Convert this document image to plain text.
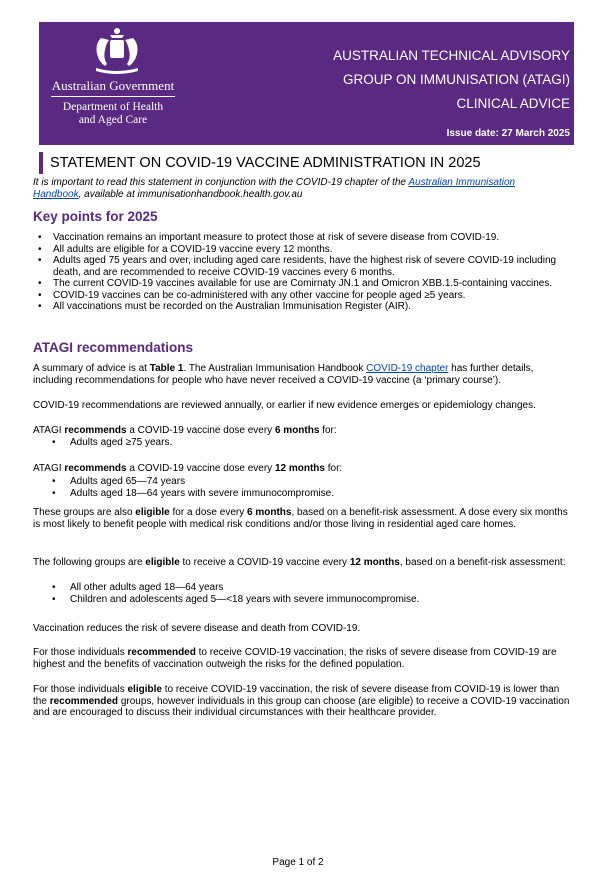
Australian Government
Department of Health
and Aged Care
AUSTRALIAN TECHNICAL ADVISORY
GROUP ON IMMUNISATION (ATAGI)
CLINICAL ADVICE
Issue date: 27 March 2025
STATEMENT ON COVID-19 VACCINE ADMINISTRATION IN 2025
It is important to read this statement in conjunction with the COVID-19 chapter of the Australian Immunisation Handbook, available at immunisationhandbook.health.gov.au
Key points for 2025
• Vaccination remains an important measure to protect those at risk of severe disease from COVID-19.
• All adults are eligible for a COVID-19 vaccine every 12 months.
• Adults aged 75 years and over, including aged care residents, have the highest risk of severe COVID-19 including death, and are recommended to receive COVID-19 vaccines every 6 months.
• The current COVID-19 vaccines available for use are Comirnaty JN.1 and Omicron XBB.1.5-containing vaccines.
• COVID-19 vaccines can be co-administered with any other vaccine for people aged ≥5 years.
• All vaccinations must be recorded on the Australian Immunisation Register (AIR).
ATAGI recommendations

A summary of advice is at Table 1. The Australian Immunisation Handbook COVID-19 chapter has further details, including recommendations for people who have never received a COVID-19 vaccine (a ‘primary course’).

COVID-19 recommendations are reviewed annually, or earlier if new evidence emerges or epidemiology changes.

ATAGI recommends a COVID-19 vaccine dose every 6 months for:

• Adults aged ≥75 years.

ATAGI recommends a COVID-19 vaccine dose every 12 months for:

• Adults aged 65—74 years
• Adults aged 18—64 years with severe immunocompromise.

These groups are also eligible for a dose every 6 months, based on a benefit-risk assessment. A dose every six months is most likely to benefit people with medical risk conditions and/or those living in residential aged care homes.

The following groups are eligible to receive a COVID-19 vaccine every 12 months, based on a benefit-risk assessment:

• All other adults aged 18—64 years
• Children and adolescents aged 5—<18 years with severe immunocompromise.

Vaccination reduces the risk of severe disease and death from COVID-19.

For those individuals recommended to receive COVID-19 vaccination, the risks of severe disease from COVID-19 are highest and the benefits of vaccination outweigh the risks for the defined population.

For those individuals eligible to receive COVID-19 vaccination, the risk of severe disease from COVID-19 is lower than the recommended groups, however individuals in this group can choose (are eligible) to receive a COVID-19 vaccination and are encouraged to discuss their individual circumstances with their healthcare provider.

Page 1 of 2
